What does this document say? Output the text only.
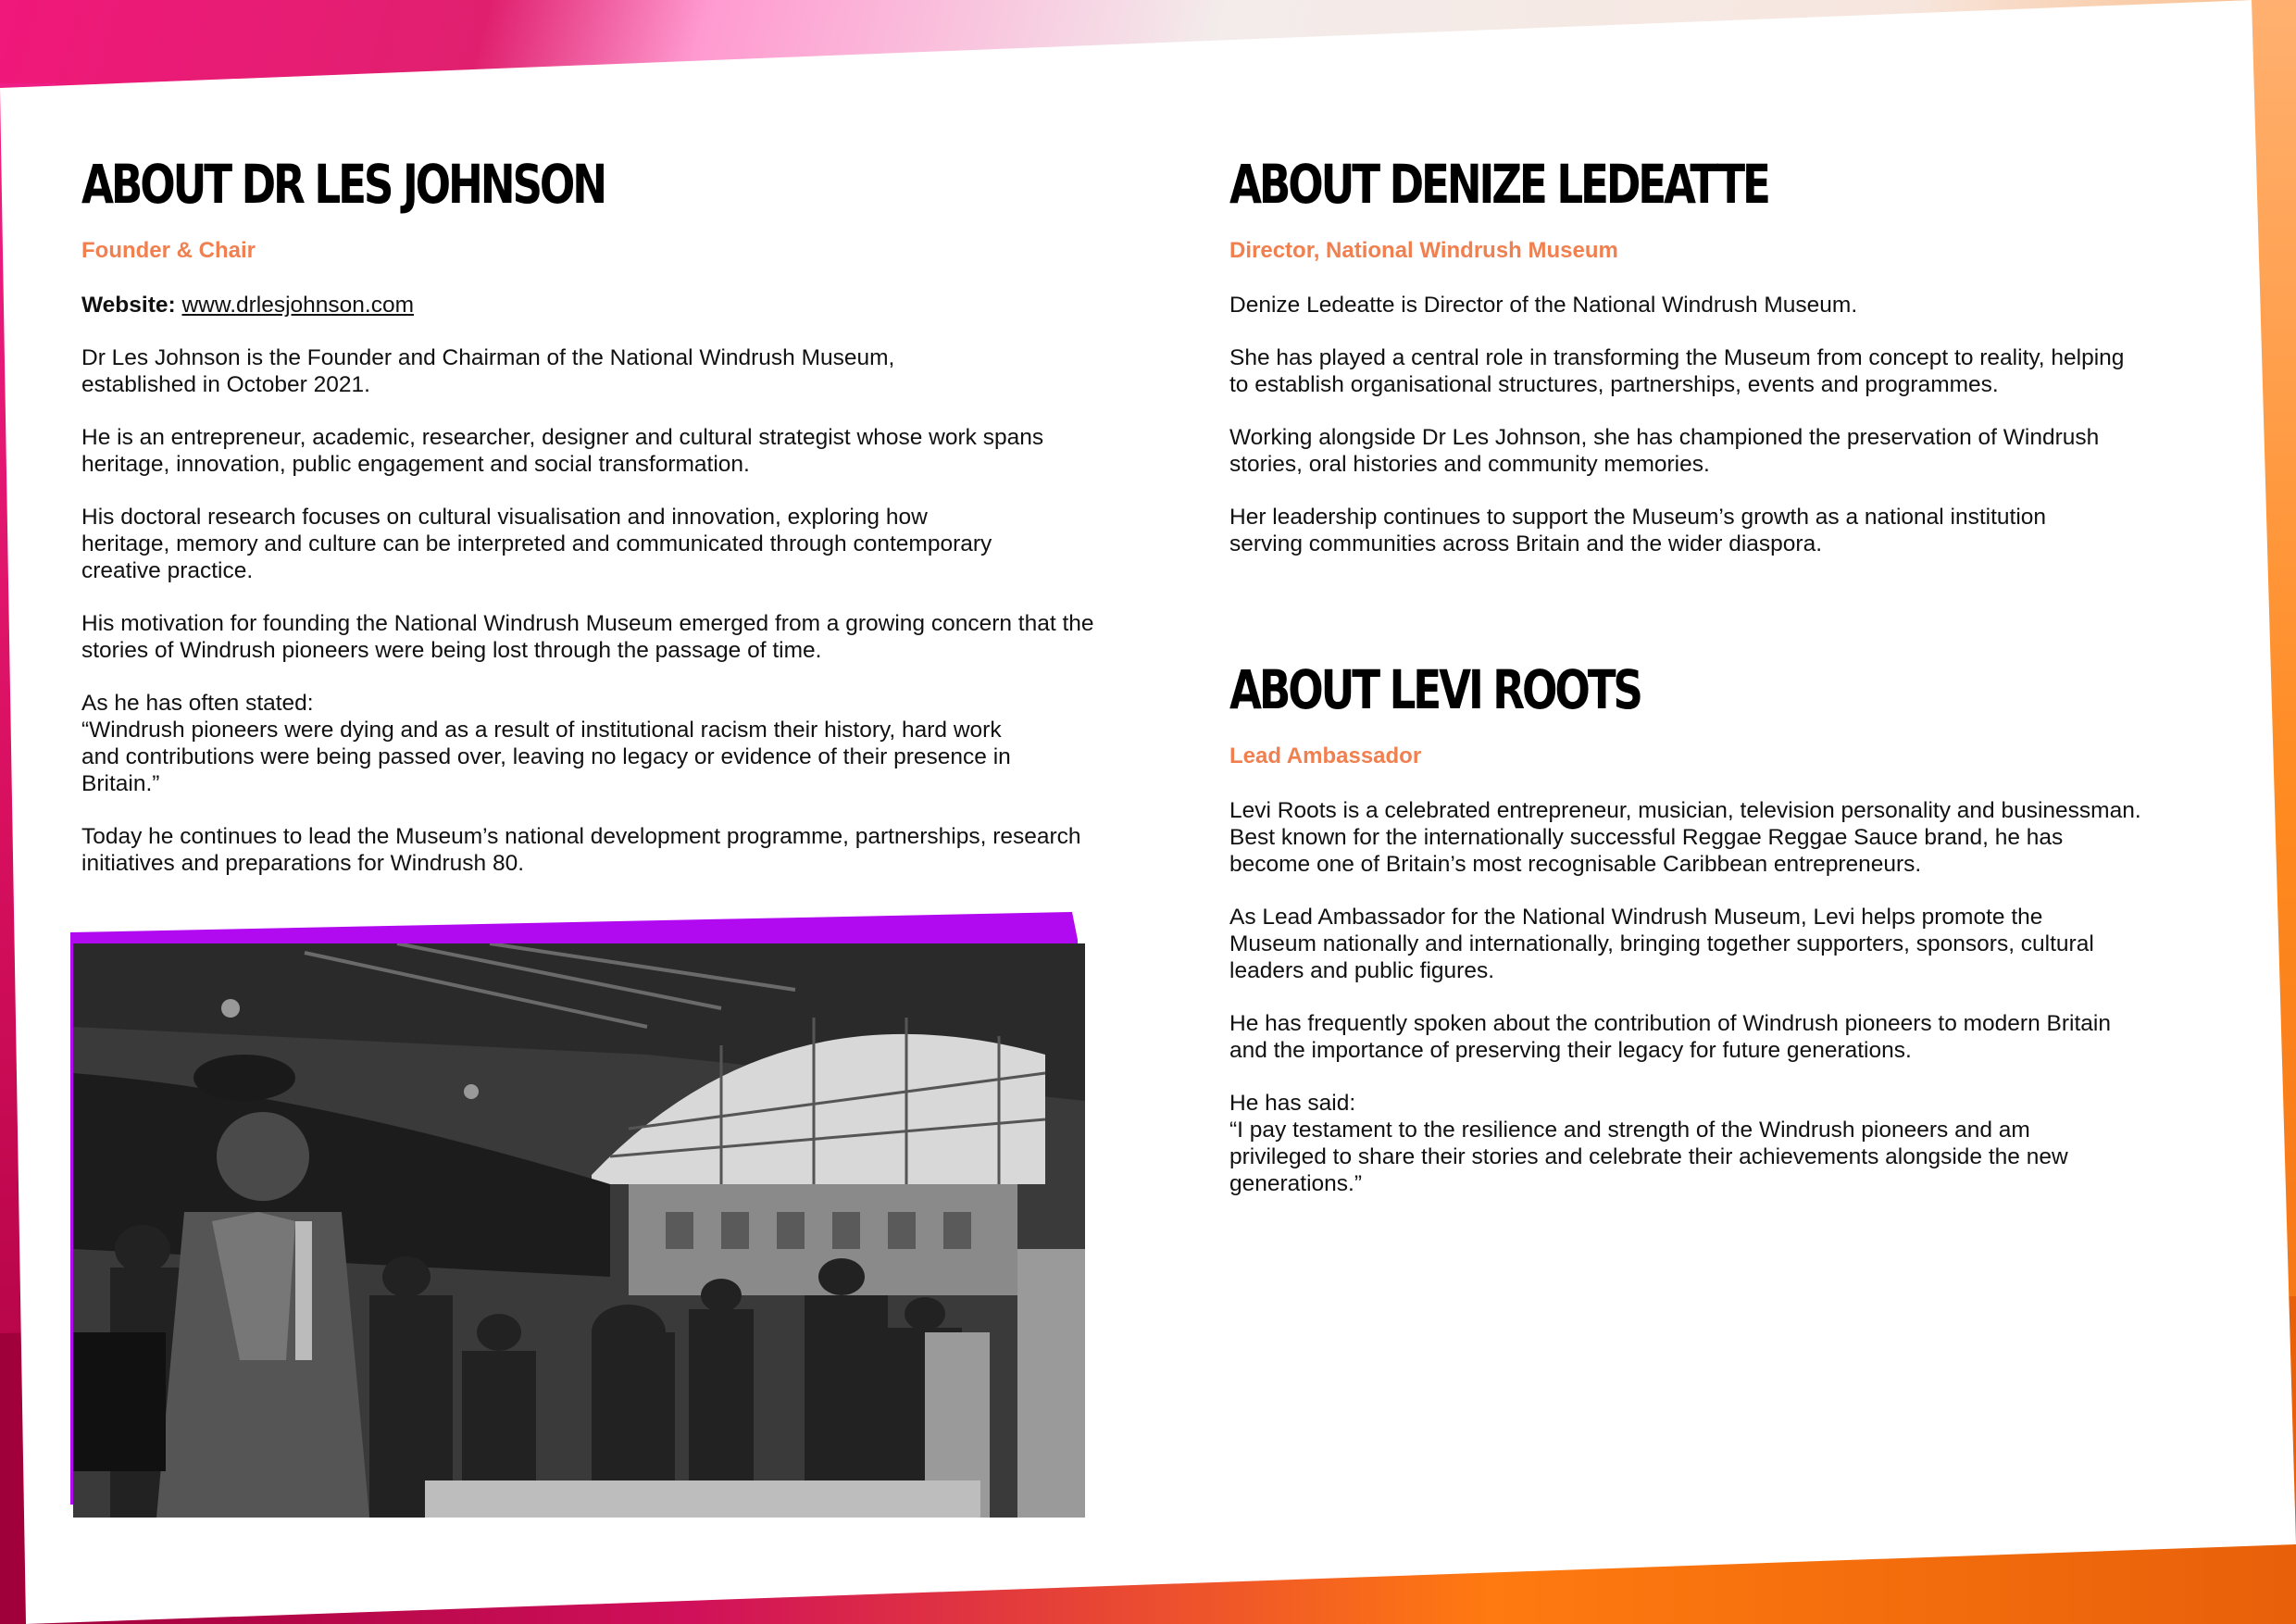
ABOUT DR LES JOHNSON
Founder & Chair

Website: www.drlesjohnson.com

Dr Les Johnson is the Founder and Chairman of the National Windrush Museum, established in October 2021.

He is an entrepreneur, academic, researcher, designer and cultural strategist whose work spans heritage, innovation, public engagement and social transformation.

His doctoral research focuses on cultural visualisation and innovation, exploring how heritage, memory and culture can be interpreted and communicated through contemporary creative practice.

His motivation for founding the National Windrush Museum emerged from a growing concern that the stories of Windrush pioneers were being lost through the passage of time.

As he has often stated:

“Windrush pioneers were dying and as a result of institutional racism their history, hard work and contributions were being passed over, leaving no legacy or evidence of their presence in Britain.”

Today he continues to lead the Museum’s national development programme, partnerships, research initiatives and preparations for Windrush 80.

ABOUT DENIZE LEDEATTE
Director, National Windrush Museum

Denize Ledeatte is Director of the National Windrush Museum.

She has played a central role in transforming the Museum from concept to reality, helping to establish organisational structures, partnerships, events and programmes.

Working alongside Dr Les Johnson, she has championed the preservation of Windrush stories, oral histories and community memories.

Her leadership continues to support the Museum’s growth as a national institution serving communities across Britain and the wider diaspora.

ABOUT LEVI ROOTS
Lead Ambassador

Levi Roots is a celebrated entrepreneur, musician, television personality and businessman. Best known for the internationally successful Reggae Reggae Sauce brand, he has become one of Britain’s most recognisable Caribbean entrepreneurs.

As Lead Ambassador for the National Windrush Museum, Levi helps promote the Museum nationally and internationally, bringing together supporters, sponsors, cultural leaders and public figures.

He has frequently spoken about the contribution of Windrush pioneers to modern Britain and the importance of preserving their legacy for future generations.

He has said:

“I pay testament to the resilience and strength of the Windrush pioneers and am privileged to share their stories and celebrate their achievements alongside the new generations.”
